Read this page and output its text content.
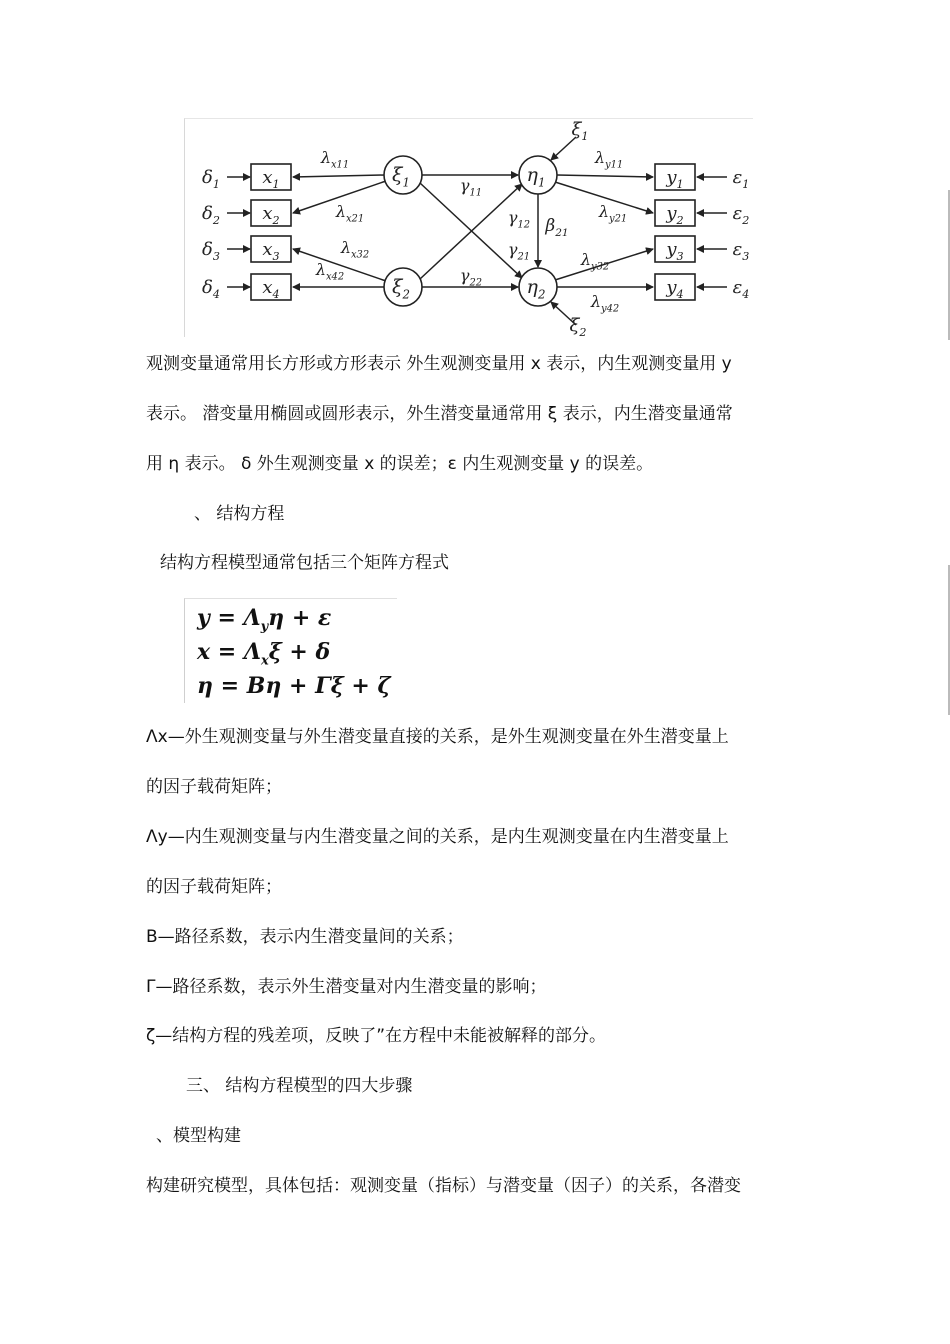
$\delta_1$
$\delta_2$
$\delta_3$
$\delta_4$
$\varepsilon_1$
$\varepsilon_2$
$\varepsilon_3$
$\varepsilon_4$
$x_1$
$x_2$
$x_3$
$x_4$
$y_1$
$y_2$
$y_3$
$y_4$
$\xi_1$
$\xi_2$
$\eta_1$
$\eta_2$
$\xi_1$
$\xi_2$
$\lambda_{x11}$
$\lambda_{x21}$
$\lambda_{x32}$
$\lambda_{x42}$
$\gamma_{11}$
$\gamma_{12}$
$\gamma_{21}$
$\gamma_{22}$
$\beta_{21}$
$\lambda_{y11}$
$\lambda_{y21}$
$\lambda_{y32}$
$\lambda_{y42}$
观测变量通常用长方形或方形表示 外生观测变量用 x 表示，内生观测变量用 y
表示。 潜变量用椭圆或圆形表示，外生潜变量通常用 ξ 表示，内生潜变量通常
用 η 表示。 δ 外生观测变量 x 的误差；ε 内生观测变量 y 的误差。
、 结构方程
结构方程模型通常包括三个矩阵方程式
$y = \Lambda_y\eta + \varepsilon$
$x = \Lambda_x\xi + \delta$
η = Bη + Γξ + ζ
Λx—外生观测变量与外生潜变量直接的关系，是外生观测变量在外生潜变量上
的因子载荷矩阵；
Λy—内生观测变量与内生潜变量之间的关系，是内生观测变量在内生潜变量上
的因子载荷矩阵；
B—路径系数，表示内生潜变量间的关系；
Γ—路径系数，表示外生潜变量对内生潜变量的影响；
ζ—结构方程的残差项，反映了”在方程中未能被解释的部分。
三、 结构方程模型的四大步骤
、模型构建
构建研究模型，具体包括：观测变量（指标）与潜变量（因子）的关系，各潜变
